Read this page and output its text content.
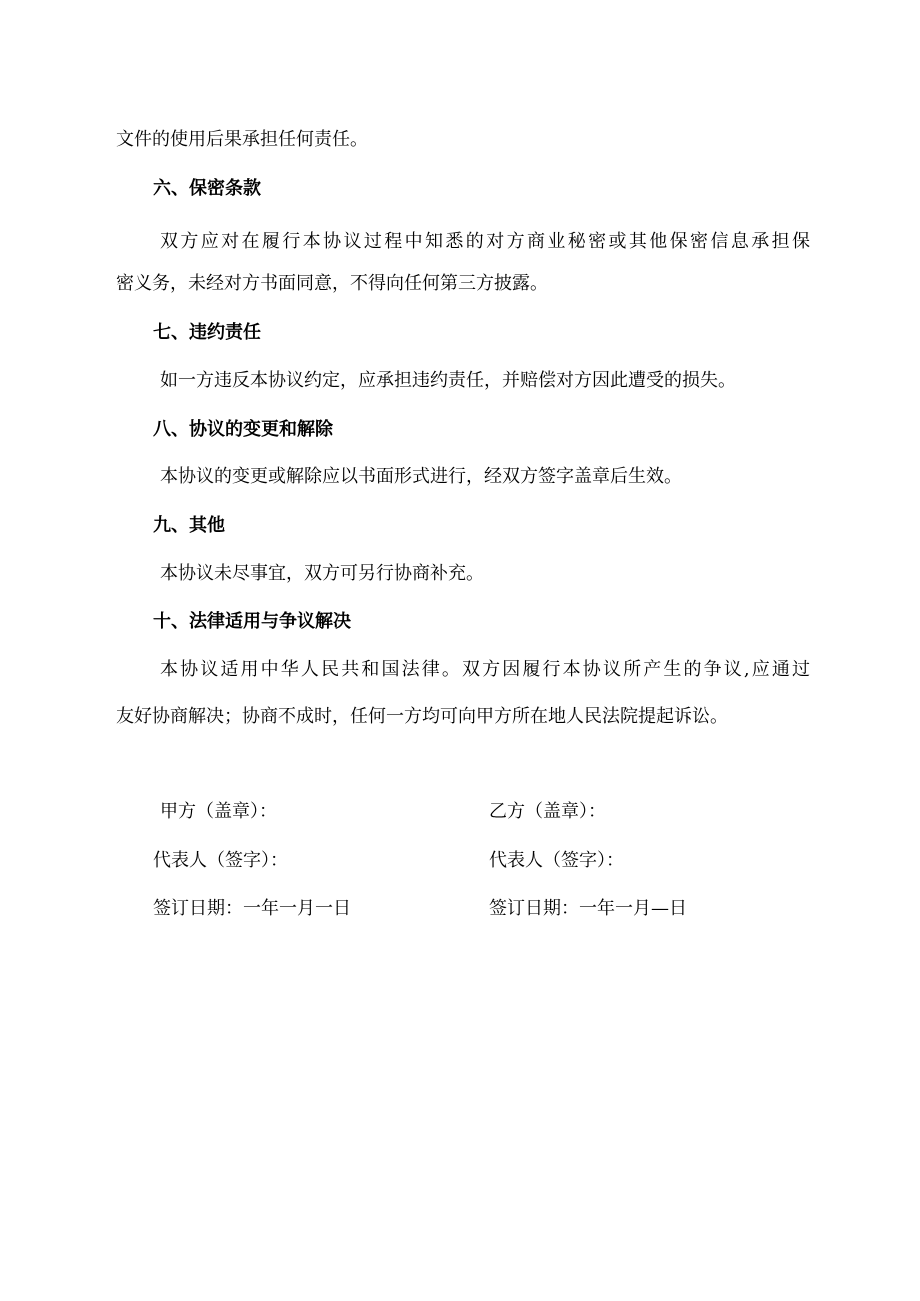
文件的使用后果承担任何责任。
六、保密条款
双方应对在履行本协议过程中知悉的对方商业秘密或其他保密信息承担保
密义务，未经对方书面同意，不得向任何第三方披露。
七、违约责任
如一方违反本协议约定，应承担违约责任，并赔偿对方因此遭受的损失。
八、协议的变更和解除
本协议的变更或解除应以书面形式进行，经双方签字盖章后生效。
九、其他
本协议未尽事宜，双方可另行协商补充。
十、法律适用与争议解决
本协议适用中华人民共和国法律。双方因履行本协议所产生的争议,应通过
友好协商解决；协商不成时，任何一方均可向甲方所在地人民法院提起诉讼。
甲方（盖章）：	乙方（盖章）：
代表人（签字）：	代表人（签字）：
签订日期：一年一月一日	签订日期：一年一月—日
